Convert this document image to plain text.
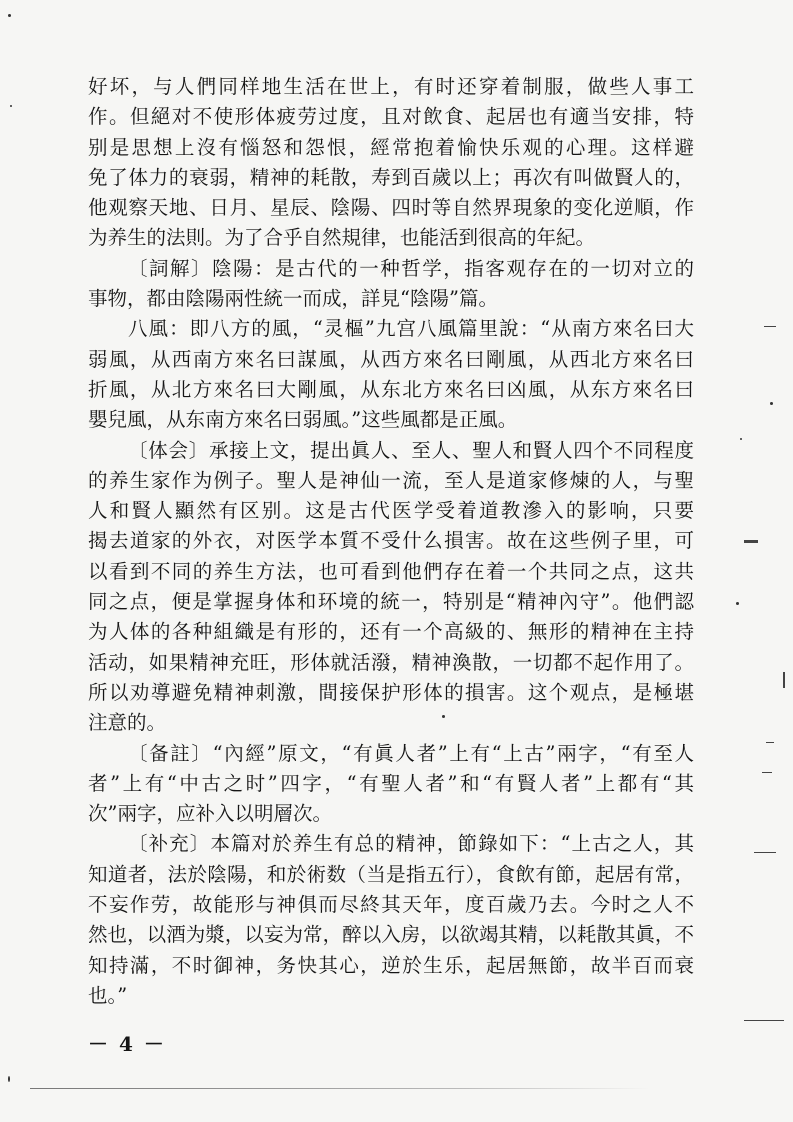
好坏，与人們同样地生活在世上，有时还穿着制服，做些人事工
作。但絕对不使形体疲劳过度，且对飲食、起居也有適当安排，特
别是思想上沒有惱怒和怨恨，經常抱着愉快乐观的心理。这样避
免了体力的衰弱，精神的耗散，寿到百歲以上；再次有叫做賢人的，
他观察天地、日月、星辰、陰陽、四时等自然界現象的变化逆順，作
为养生的法則。为了合乎自然規律，也能活到很高的年紀。
〔詞解〕陰陽：是古代的一种哲学，指客观存在的一切对立的
事物，都由陰陽兩性統一而成，詳見“陰陽”篇。
八風：即八方的風，“灵樞”九宫八風篇里說：“从南方來名曰大
弱風，从西南方來名曰謀風，从西方來名曰剛風，从西北方來名曰
折風，从北方來名曰大剛風，从东北方來名曰凶風，从东方來名曰
嬰兒風，从东南方來名曰弱風。”这些風都是正風。
〔体会〕承接上文，提出眞人、至人、聖人和賢人四个不同程度
的养生家作为例子。聖人是神仙一流，至人是道家修煉的人，与聖
人和賢人顯然有区别。这是古代医学受着道教滲入的影响，只要
揭去道家的外衣，对医学本質不受什么損害。故在这些例子里，可
以看到不同的养生方法，也可看到他們存在着一个共同之点，这共
同之点，便是掌握身体和环境的統一，特别是“精神內守”。他們認
为人体的各种組織是有形的，还有一个高級的、無形的精神在主持
活动，如果精神充旺，形体就活潑，精神渙散，一切都不起作用了。
所以劝導避免精神刺激，間接保护形体的損害。这个观点，是極堪
注意的。
〔备註〕“內經”原文，“有眞人者”上有“上古”兩字，“有至人
者”上有“中古之时”四字，“有聖人者”和“有賢人者”上都有“其
次”兩字，应补入以明層次。
〔补充〕本篇对於养生有总的精神，節錄如下：“上古之人，其
知道者，法於陰陽，和於術数（当是指五行），食飲有節，起居有常，
不妄作劳，故能形与神俱而尽終其天年，度百歲乃去。今时之人不
然也，以酒为漿，以妄为常，醉以入房，以欲竭其精，以耗散其眞，不
知持滿，不时御神，务快其心，逆於生乐，起居無節，故半百而衰
也。”
－ 4 －
